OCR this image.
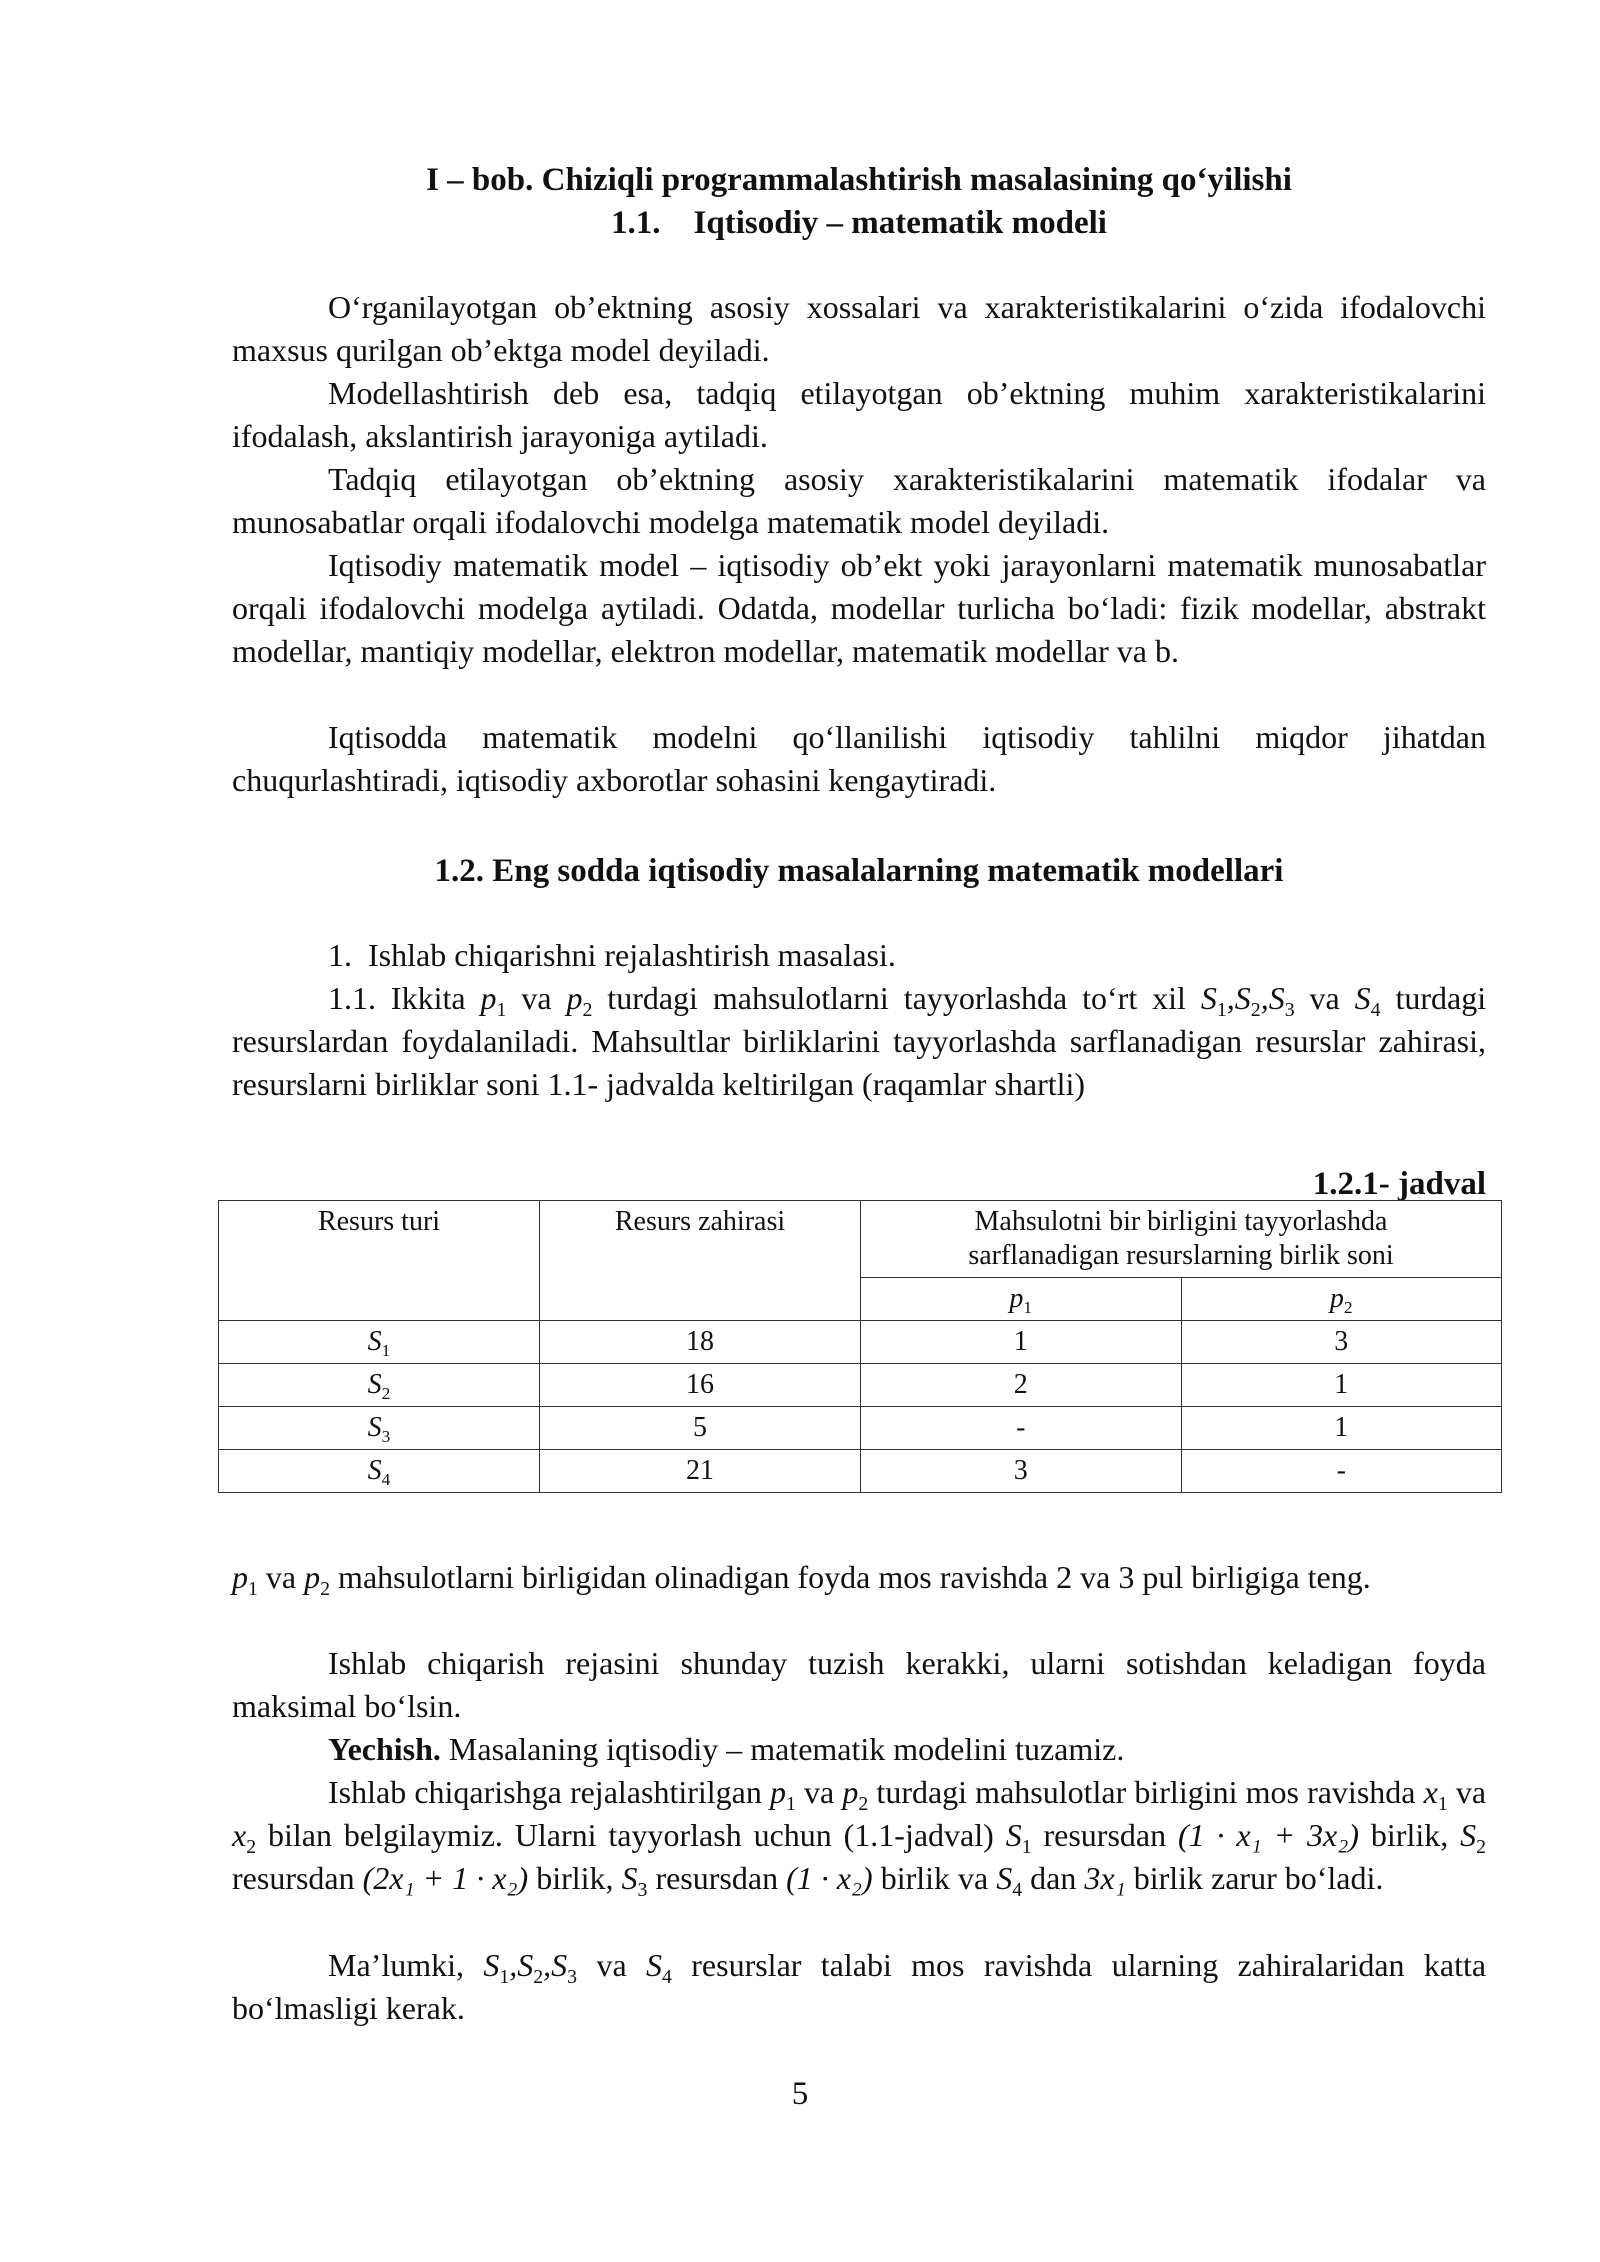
I – bob. Chiziqli programmalashtirish masalasining qo‘yilishi
1.1.    Iqtisodiy – matematik modeli
O‘rganilayotgan ob’ektning asosiy xossalari va xarakteristikalarini o‘zida ifodalovchi maxsus qurilgan ob’ektga model deyiladi.
Modellashtirish deb esa, tadqiq etilayotgan ob’ektning muhim xarakteristikalarini ifodalash, akslantirish jarayoniga aytiladi.
Tadqiq etilayotgan ob’ektning asosiy xarakteristikalarini matematik ifodalar va munosabatlar orqali ifodalovchi modelga matematik model deyiladi.
Iqtisodiy matematik model – iqtisodiy ob’ekt yoki jarayonlarni matematik munosabatlar orqali ifodalovchi modelga aytiladi. Odatda, modellar turlicha bo‘ladi: fizik modellar, abstrakt modellar, mantiqiy modellar, elektron modellar, matematik modellar va b.
Iqtisodda matematik modelni qo‘llanilishi iqtisodiy tahlilni miqdor jihatdan chuqurlashtiradi, iqtisodiy axborotlar sohasini kengaytiradi.
1.2. Eng sodda iqtisodiy masalalarning matematik modellari
1.  Ishlab chiqarishni rejalashtirish masalasi.
1.1. Ikkita $p_1$ va $p_2$ turdagi mahsulotlarni tayyorlashda to‘rt xil $S_1,S_2,S_3$ va $S_4$ turdagi resurslardan foydalaniladi. Mahsultlar birliklarini tayyorlashda sarflanadigan resurslar zahirasi, resurslarni birliklar soni 1.1- jadvalda keltirilgan (raqamlar shartli)
1.2.1- jadval
Resurs turi	Resurs zahirasi	Mahsulotni bir birligini tayyorlashda
sarflanadigan resurslarning birlik soni	
		$p_1$	$p_2$
$S_1$	18	1	3
$S_2$	16	2	1
$S_3$	5	-	1
$S_4$	21	3	-
$p_1$ va $p_2$ mahsulotlarni birligidan olinadigan foyda mos ravishda 2 va 3 pul birligiga teng.
Ishlab chiqarish rejasini shunday tuzish kerakki, ularni sotishdan keladigan foyda maksimal bo‘lsin.
Yechish. Masalaning iqtisodiy – matematik modelini tuzamiz.
Ishlab chiqarishga rejalashtirilgan $p_1$ va $p_2$ turdagi mahsulotlar birligini mos ravishda $x_1$ va $x_2$ bilan belgilaymiz. Ularni tayyorlash uchun (1.1-jadval) $S_1$ resursdan (1 · x₁ + 3x₂) birlik, $S_2$ resursdan (2x₁ + 1 · x₂) birlik, $S_3$ resursdan (1 · x₂) birlik va $S_4$ dan 3x₁ birlik zarur bo‘ladi.
Ma’lumki, $S_1,S_2,S_3$ va $S_4$ resurslar talabi mos ravishda ularning zahiralaridan katta bo‘lmasligi kerak.
5
